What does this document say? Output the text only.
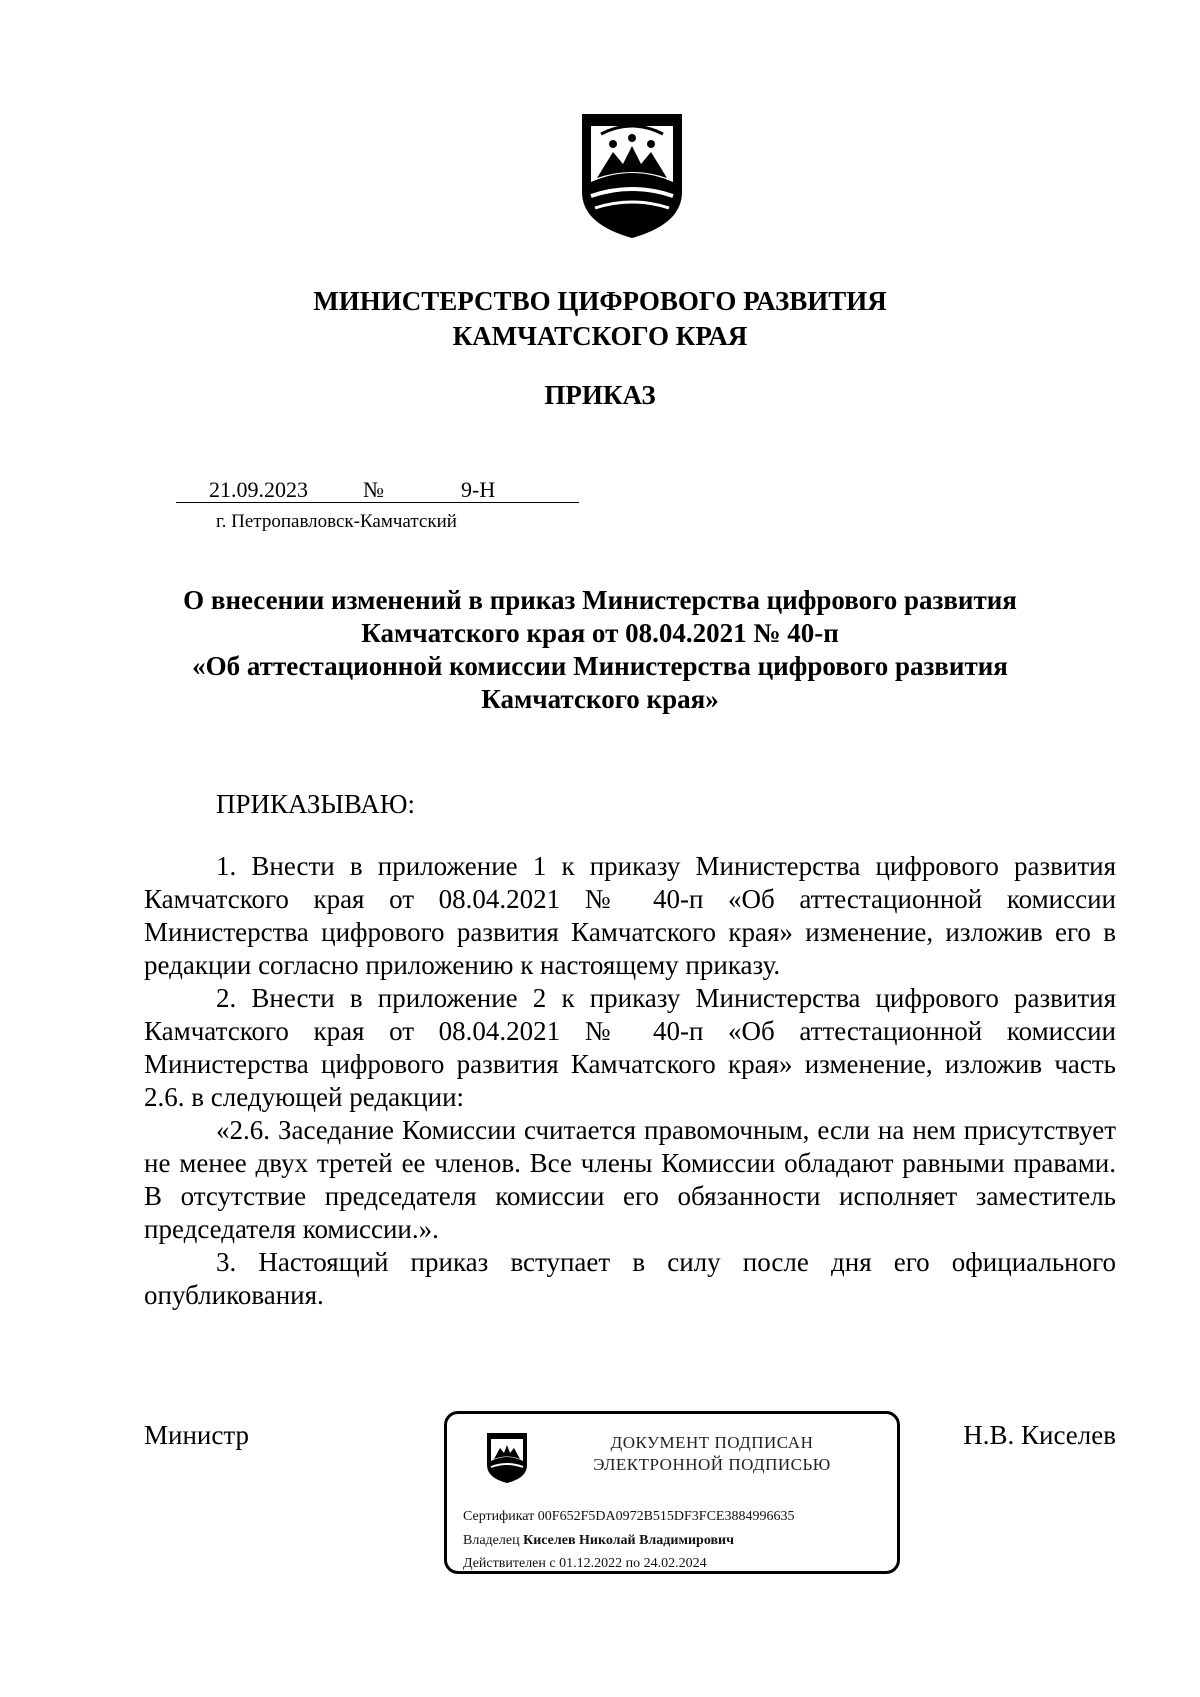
МИНИСТЕРСТВО ЦИФРОВОГО РАЗВИТИЯ
КАМЧАТСКОГО КРАЯ
ПРИКАЗ
21.09.2023	№	9-Н
г. Петропавловск-Камчатский
О внесении изменений в приказ Министерства цифрового развития
Камчатского края от 08.04.2021 № 40-п
«Об аттестационной комиссии Министерства цифрового развития
Камчатского края»
ПРИКАЗЫВАЮ:

1. Внести в приложение 1 к приказу Министерства цифрового развития Камчатского края от 08.04.2021 № 40-п «Об аттестационной комиссии Министерства цифрового развития Камчатского края» изменение, изложив его в редакции согласно приложению к настоящему приказу.

2. Внести в приложение 2 к приказу Министерства цифрового развития Камчатского края от 08.04.2021 № 40-п «Об аттестационной комиссии Министерства цифрового развития Камчатского края» изменение, изложив часть 2.6. в следующей редакции:

«2.6. Заседание Комиссии считается правомочным, если на нем присутствует не менее двух третей ее членов. Все члены Комиссии обладают равными правами. В отсутствие председателя комиссии его обязанности исполняет заместитель председателя комиссии.».

3. Настоящий приказ вступает в силу после дня его официального опубликования.

Министр	Н.В. Киселев
ДОКУМЕНТ ПОДПИСАН
ЭЛЕКТРОННОЙ ПОДПИСЬЮ
Сертификат 00F652F5DA0972B515DF3FCE3884996635
Владелец Киселев Николай Владимирович
Действителен с 01.12.2022 по 24.02.2024
